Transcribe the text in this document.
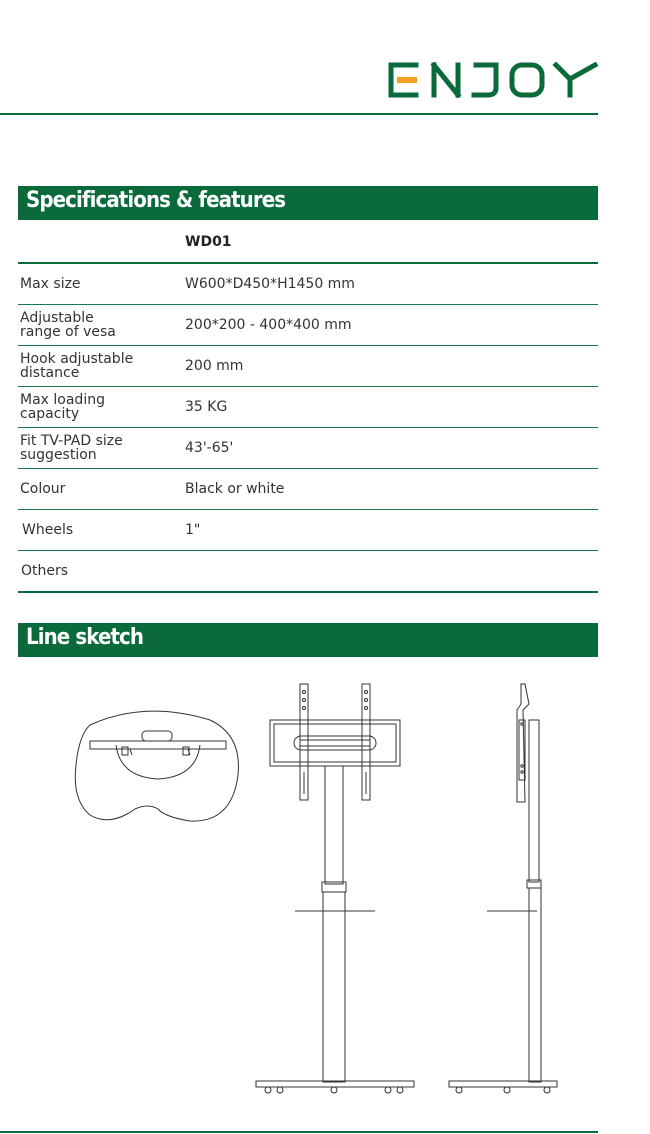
Specifications & features
WD01
Max size	W600*D450*H1450 mm
Adjustable
range of vesa	200*200 - 400*400 mm
Hook adjustable
distance	200 mm
Max loading
capacity	35 KG
Fit TV-PAD size
suggestion	43'-65'
Colour	Black or white
Wheels	1"
Others
Line sketch
